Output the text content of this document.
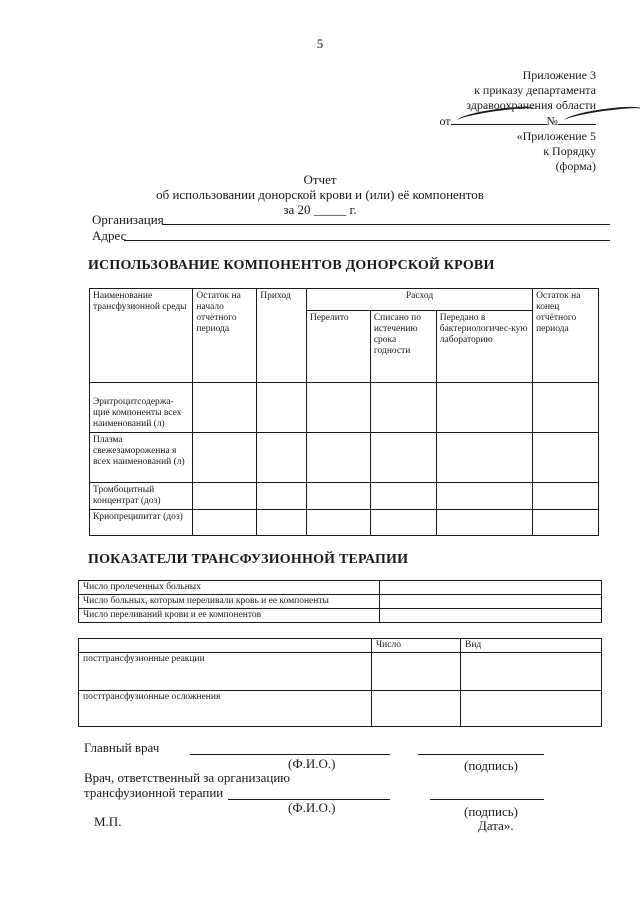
5
Приложение 3
к приказу департамента
здравоохранения области
от	№
«Приложение 5
к Порядку
(форма)
Отчет
об использовании донорской крови и (или) её компонентов
за 20 _____ г.
Организация
Адрес
ИСПОЛЬЗОВАНИЕ КОМПОНЕНТОВ ДОНОРСКОЙ КРОВИ
Наименование трансфузионной среды	Остаток на начало отчётного периода	Приход	Расход			Остаток на конец отчётного периода
			Перелито	Списано по истечению срока годности	Передано в бактериологичес-кую лабораторию	
Эритроцитсодержа-щие компоненты всех наименований (л)						
Плазма свежезамороженна я всех наименований (л)						
Тромбоцитный концентрат (доз)						
Криопреципитат (доз)						
ПОКАЗАТЕЛИ ТРАНСФУЗИОННОЙ ТЕРАПИИ
Число пролеченных больных	
Число больных, которым переливали кровь и ее компоненты	
Число переливаний крови и ее компонентов	
	Число	Вид
посттрансфузионные реакции		
посттрансфузионные осложнения		
Главный врач
(Ф.И.О.)	(подпись)
Врач, ответственный за организацию
трансфузионной терапии
(Ф.И.О.)	(подпись)
М.П.	Дата».
